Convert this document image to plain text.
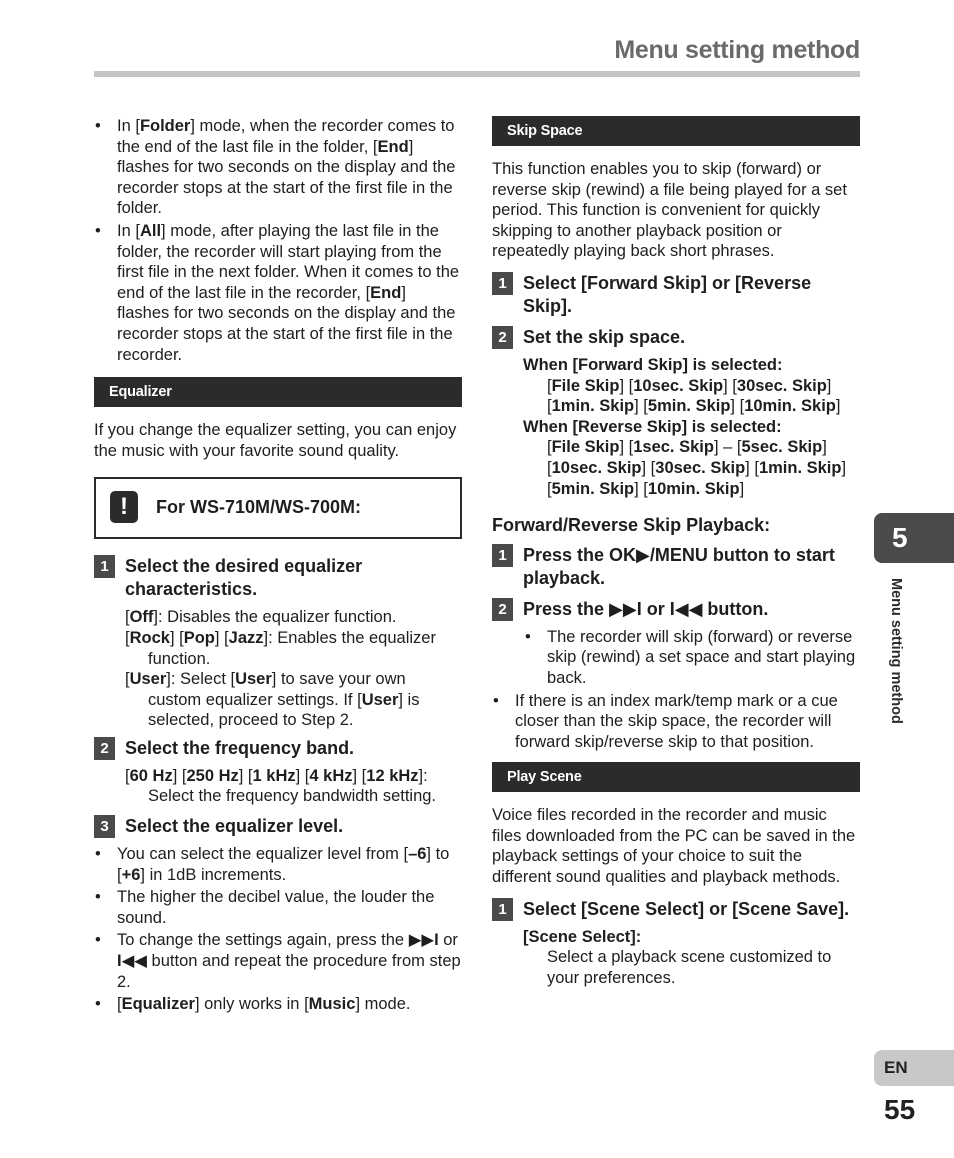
Menu setting method
• In [Folder] mode, when the recorder comes to the end of the last file in the folder, [End] flashes for two seconds on the display and the recorder stops at the start of the first file in the folder.
• In [All] mode, after playing the last file in the folder, the recorder will start playing from the first file in the next folder. When it comes to the end of the last file in the recorder, [End] flashes for two seconds on the display and the recorder stops at the start of the first file in the recorder.
Equalizer

If you change the equalizer setting, you can enjoy the music with your favorite sound quality.

!	For WS-710M/WS-700M:
1 Select the desired equalizer characteristics.
[Off]: Disables the equalizer function.
[Rock] [Pop] [Jazz]: Enables the equalizer function.
[User]: Select [User] to save your own custom equalizer settings. If [User] is selected, proceed to Step 2.
2 Select the frequency band.
[60 Hz] [250 Hz] [1 kHz] [4 kHz] [12 kHz]: Select the frequency bandwidth setting.
3 Select the equalizer level.
• You can select the equalizer level from [–6] to [+6] in 1dB increments.
• The higher the decibel value, the louder the sound.
• To change the settings again, press the ▶▶I or I◀◀ button and repeat the procedure from step 2.
• [Equalizer] only works in [Music] mode.
Skip Space

This function enables you to skip (forward) or reverse skip (rewind) a file being played for a set period. This function is convenient for quickly skipping to another playback position or repeatedly playing back short phrases.

1 Select [Forward Skip] or [Reverse Skip].
2 Set the skip space.
When [Forward Skip] is selected:
[File Skip] [10sec. Skip] [30sec. Skip] [1min. Skip] [5min. Skip] [10min. Skip]
When [Reverse Skip] is selected:
[File Skip] [1sec. Skip] – [5sec. Skip] [10sec. Skip] [30sec. Skip] [1min. Skip] [5min. Skip] [10min. Skip]
Forward/Reverse Skip Playback:
1 Press the OK▶/MENU button to start playback.
2 Press the ▶▶I or I◀◀ button.
• The recorder will skip (forward) or reverse skip (rewind) a set space and start playing back.
• If there is an index mark/temp mark or a cue closer than the skip space, the recorder will forward skip/reverse skip to that position.
Play Scene

Voice files recorded in the recorder and music files downloaded from the PC can be saved in the playback settings of your choice to suit the different sound qualities and playback methods.

1 Select [Scene Select] or [Scene Save].
[Scene Select]:
Select a playback scene customized to your preferences.
5
Menu setting method
EN
55
